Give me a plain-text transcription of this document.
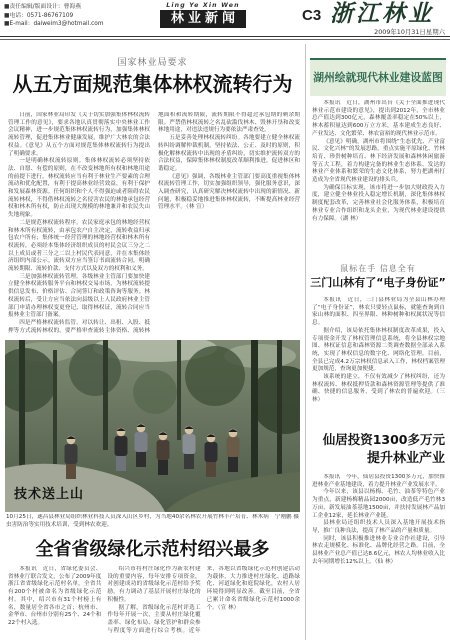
■责任编辑/版面设计：曹海燕
■电话：0571-86767109
■E-mail：daiweim3@hotmail.com
Ling Ye Xin Wen
林业新闻	C3 浙江林业
2009年10月31日星期六
国家林业局要求
从五方面规范集体林权流转行为

日前，国家林业局印发《关于切实加强集体林权流转管理工作的意见》，要求各地认真贯彻落实中央林业工作会议精神，进一步规范集体林权流转行为，加强集体林权流转管理，促进集体林业健康发展，维护广大林农的合法权益。《意见》从五个方面对规范集体林权流转行为提出了明确要求。

一是明确林权流转原则。集体林权流转必须坚持依法、自愿、有偿的原则，在不改变林地所有权和林地用途的前提下进行。林权流转应当有利于林业生产要素的合理流动和优化配置，有利于提高林业经营效益，有利于保护和发展森林资源。任何组织和个人不得强迫或者阻碍农民流转林权，不得借林权流转之名侵害农民的林地承包经营权和林木所有权，防止出现大规模的林地兼并和农民失山失地现象。

二是规范林权流转程序。农民家庭承包的林地经营权和林木所有权流转，由承包农户自主决定，流转收益归承包农户所有；集体统一经营管理的林地经营权和林木所有权流转，必须经本集体经济组织成员的村民会议三分之二以上成员或者三分之二以上村民代表同意，并在本集体经济组织内部公示。流转双方应当签订书面流转合同，明确流转期限、流转价款、支付方式以及双方的权利和义务。

三是加强林权流转管理。各级林业主管部门要加快建立健全林权流转服务平台和林权交易市场，为林权流转提供信息发布、价格评估、合同签订和政策咨询等服务。林权流转后，受让方应当依法向县级以上人民政府林业主管部门申请办理林权变更登记，取得林权证，流转合同应当报林业主管部门备案。

四是严格林权流转监管。对以转让、出租、入股、抵押等方式流转林权的，要严格审查流转主体资格、流转林地面积和流转期限，流转期限不得超过承包期的剩余期限。严禁借林权流转之名乱砍滥伐林木、毁林开垦和改变林地用途，对违法违规行为要依法严肃查处。

五是妥善处理林权流转纠纷。各地要建立健全林权流转纠纷调解仲裁机制，坚持依法、公正、及时的原则，积极化解林权流转中出现的矛盾纠纷，切实维护流转双方的合法权益，保障集体林权制度改革顺利推进，促进林区和谐稳定。

《意见》强调，各级林业主管部门要高度重视集体林权流转管理工作，切实加强组织领导，强化服务意识，深入调查研究，认真研究解决林权流转中出现的新情况、新问题，积极稳妥地推进集体林权流转，不断提高林业经营管理水平。（林 宣）

技术送上山
宁刚鹏 摄
10月25日，遂昌县林业局组织林业科技人员深入山区乡村，为当地40余名林农开展竹林丰产培育、林木病虫害防治等实用技术培训，受到林农欢迎。
全省省级绿化示范村绍兴最多

本报讯　近日，省绿化委员会、省林业厅联合发文，公布了2009年度浙江省省级绿化示范村名单，全省共有200个村被命名为省级绿化示范村。其中，绍兴市有31个村榜上有名，数量居全省各市之首；杭州市、金华市、台州市分别有25个、24个和22个村入选。

绍兴市将村庄绿化作为新农村建设的重要内容，每年安排专项资金，对创建成功的省级绿化示范村给予奖励，有力调动了基层开展村庄绿化的积极性。

据了解，省级绿化示范村评选工作每年开展一次，主要从村庄绿化覆盖率、绿化布局、绿化管护和群众参与程度等方面进行综合考核。近年来，各地以省级绿化示范村创建活动为载体，大力推进村庄绿化、道路绿化、河道绿化和庭院绿化，农村人居环境得到明显改善。截至目前，全省已累计命名省级绿化示范村1000余个。（宣 林）

湖州绘就现代林业建设蓝图

本报讯　近日，湖州市出台《关于全面推进现代林业示范市建设的意见》，提出到2012年，全市林业总产值达到300亿元，森林覆盖率稳定在50%以上，林木蓄积量达到600万立方米，基本建成生态良好、产业发达、文化繁荣、林农富裕的现代林业示范市。

《意见》明确，湖州市将围绕“生态优先、产业富民、文化兴林”的发展思路，重点实施平原绿化、竹林培育、珍贵树种培育、林下经济发展和森林休闲旅游等五大工程，着力构建完备的林业生态体系、发达的林业产业体系和繁荣的生态文化体系，努力把湖州打造成为全省现代林业建设的排头兵。

为确保目标实现，该市将进一步加大财政投入力度，建立健全林业投入稳定增长机制，深化集体林权制度配套改革，完善林业社会化服务体系，积极培育林业专业合作组织和龙头企业，为现代林业建设提供有力保障。（湖 林）

鼠标在手 信息全有
三门山林有了“电子身份证”

本报讯　近日，三门县林业局为全县山林办理了“电子身份证”，林农只要轻点鼠标，就能查询到自家山林的面积、四至界限、林种树种和权属状况等信息。

据介绍，该局依托集体林权制度改革成果，投入专项资金开发了林权管理信息系统，将全县林权宗地图、林权证信息和森林资源二类调查数据全部录入系统，实现了林权信息的数字化、网络化管理。目前，全县已完成4.2万宗林权信息录入工作，林权档案管理更加规范，查询更加便捷。

该系统的建立，不仅有效减少了林权纠纷，还为林权流转、林权抵押贷款和森林资源管理等提供了准确、快捷的信息服务，受到了林农的普遍欢迎。（三 林）

仙居投资1300多万元
提升林业产业

本报讯　今年，仙居县投资1300多万元，加快推进林业产业基地建设，着力提升林业产业发展水平。

今年以来，该县以杨梅、毛竹、油茶等特色产业为重点，新建杨梅精品园2000亩，改造低产毛竹林3万亩，新发展油茶基地1500亩，并扶持发展林产品加工企业12家，延长林业产业链。

县林业局还组织技术人员深入基地开展技术指导，推广良种良法，提高了林产品的产量和质量。

同时，该县积极推进林业专业合作社建设，引导林农走规模化、标准化、品牌化经营之路。目前，全县林业产业总产值已达8.6亿元，林农人均林业收入比去年同期增长12%以上。（仙 林）
